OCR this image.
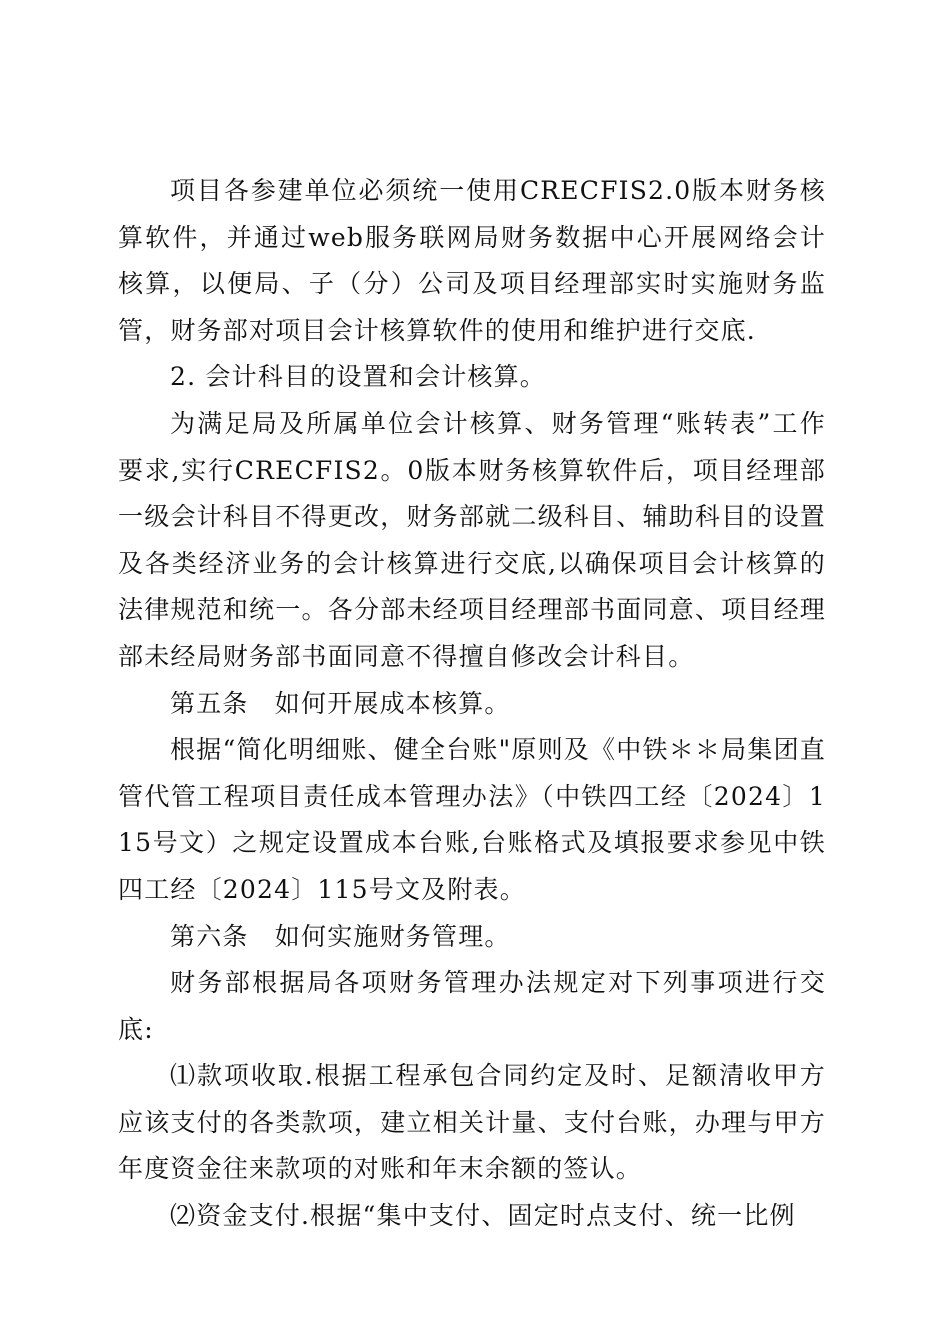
项目各参建单位必须统一使用CRECFIS2.0版本财务核算软件，并通过web服务联网局财务数据中心开展网络会计核算，以便局、子（分）公司及项目经理部实时实施财务监管，财务部对项目会计核算软件的使用和维护进行交底.

2. 会计科目的设置和会计核算。

为满足局及所属单位会计核算、财务管理“账转表”工作要求,实行CRECFIS2。0版本财务核算软件后，项目经理部一级会计科目不得更改，财务部就二级科目、辅助科目的设置及各类经济业务的会计核算进行交底,以确保项目会计核算的法律规范和统一。各分部未经项目经理部书面同意、项目经理部未经局财务部书面同意不得擅自修改会计科目。

第五条　如何开展成本核算。

根据“简化明细账、健全台账"原则及《中铁＊＊局集团直管代管工程项目责任成本管理办法》（中铁四工经〔2024〕115号文）之规定设置成本台账,台账格式及填报要求参见中铁四工经〔2024〕115号文及附表。

第六条　如何实施财务管理。

财务部根据局各项财务管理办法规定对下列事项进行交底:

⑴款项收取.根据工程承包合同约定及时、足额清收甲方应该支付的各类款项，建立相关计量、支付台账，办理与甲方年度资金往来款项的对账和年末余额的签认。

⑵资金支付.根据“集中支付、固定时点支付、统一比例
